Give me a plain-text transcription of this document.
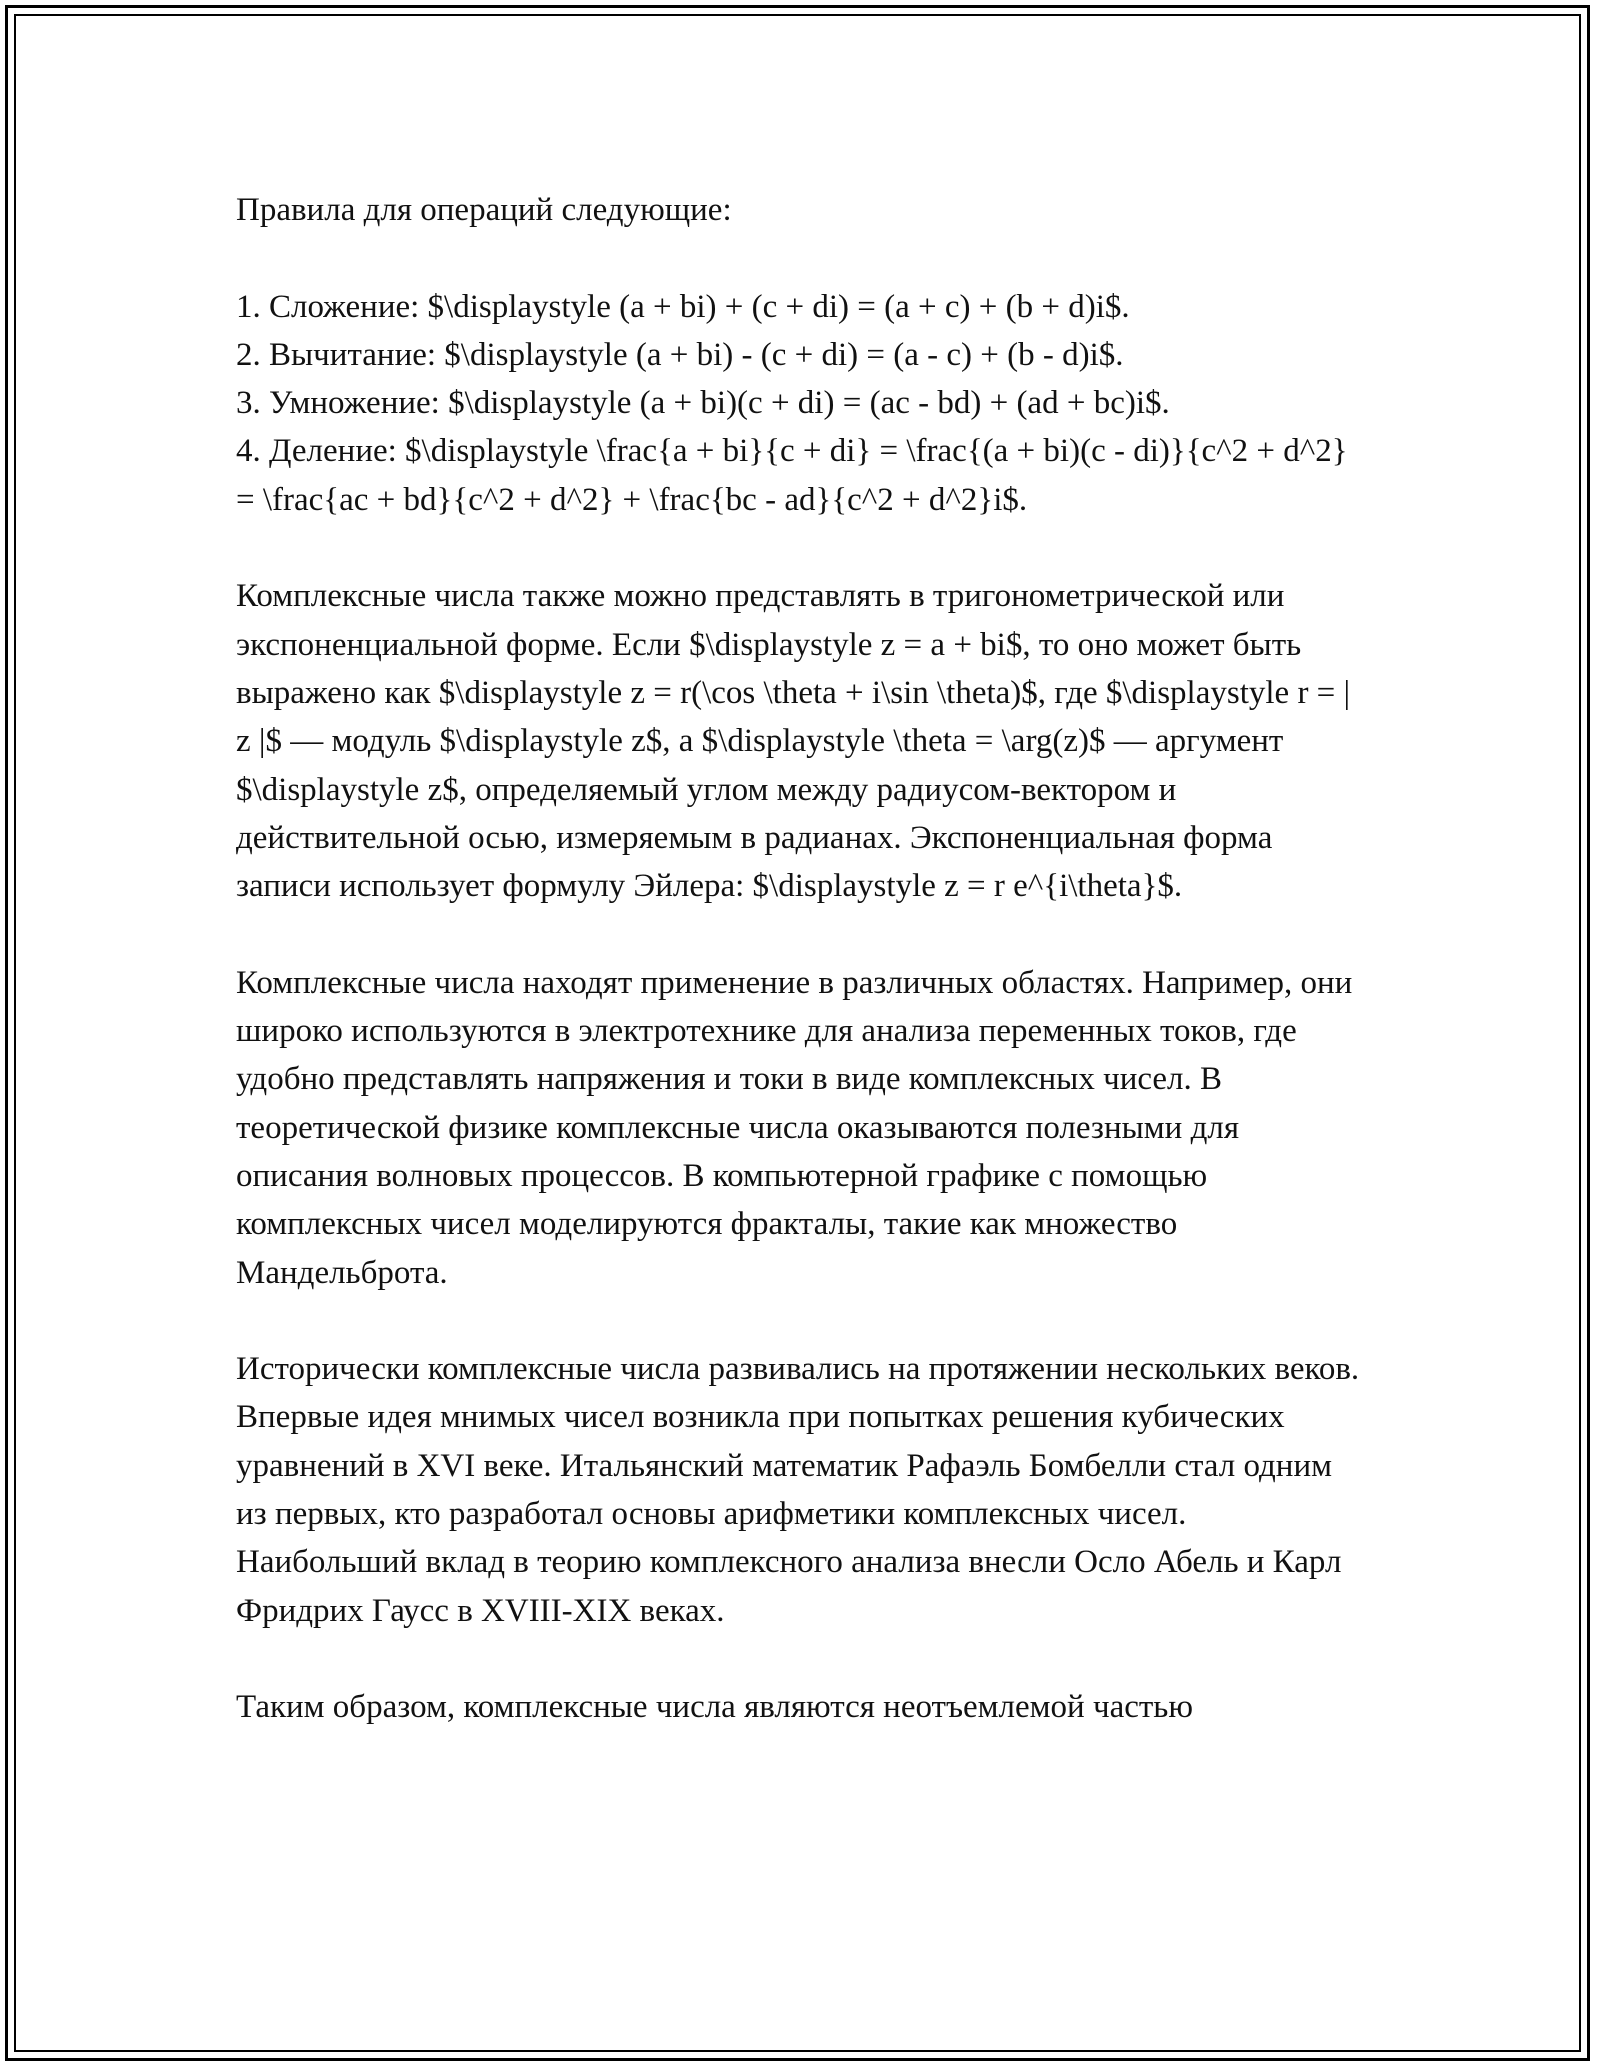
Правила для операций следующие:

1. Сложение: $\displaystyle (a + bi) + (c + di) = (a + c) + (b + d)i$.
2. Вычитание: $\displaystyle (a + bi) - (c + di) = (a - c) + (b - d)i$.
3. Умножение: $\displaystyle (a + bi)(c + di) = (ac - bd) + (ad + bc)i$.
4. Деление: $\displaystyle \frac{a + bi}{c + di} = \frac{(a + bi)(c - di)}{c^2 + d^2} = \frac{ac + bd}{c^2 + d^2} + \frac{bc - ad}{c^2 + d^2}i$.

Комплексные числа также можно представлять в тригонометрической или экспоненциальной форме. Если $\displaystyle z = a + bi$, то оно может быть выражено как $\displaystyle z = r(\cos \theta + i\sin \theta)$, где $\displaystyle r = | z |$ — модуль $\displaystyle z$, а $\displaystyle \theta = \arg(z)$ — аргумент $\displaystyle z$, определяемый углом между радиусом-вектором и действительной осью, измеряемым в радианах. Экспоненциальная форма записи использует формулу Эйлера: $\displaystyle z = r e^{i\theta}$.

Комплексные числа находят применение в различных областях. Например, они широко используются в электротехнике для анализа переменных токов, где удобно представлять напряжения и токи в виде комплексных чисел. В теоретической физике комплексные числа оказываются полезными для описания волновых процессов. В компьютерной графике с помощью комплексных чисел моделируются фракталы, такие как множество Мандельброта.

Исторически комплексные числа развивались на протяжении нескольких веков. Впервые идея мнимых чисел возникла при попытках решения кубических уравнений в XVI веке. Итальянский математик Рафаэль Бомбелли стал одним из первых, кто разработал основы арифметики комплексных чисел. Наибольший вклад в теорию комплексного анализа внесли Осло Абель и Карл Фридрих Гаусс в XVIII-XIX веках.

Таким образом, комплексные числа являются неотъемлемой частью
